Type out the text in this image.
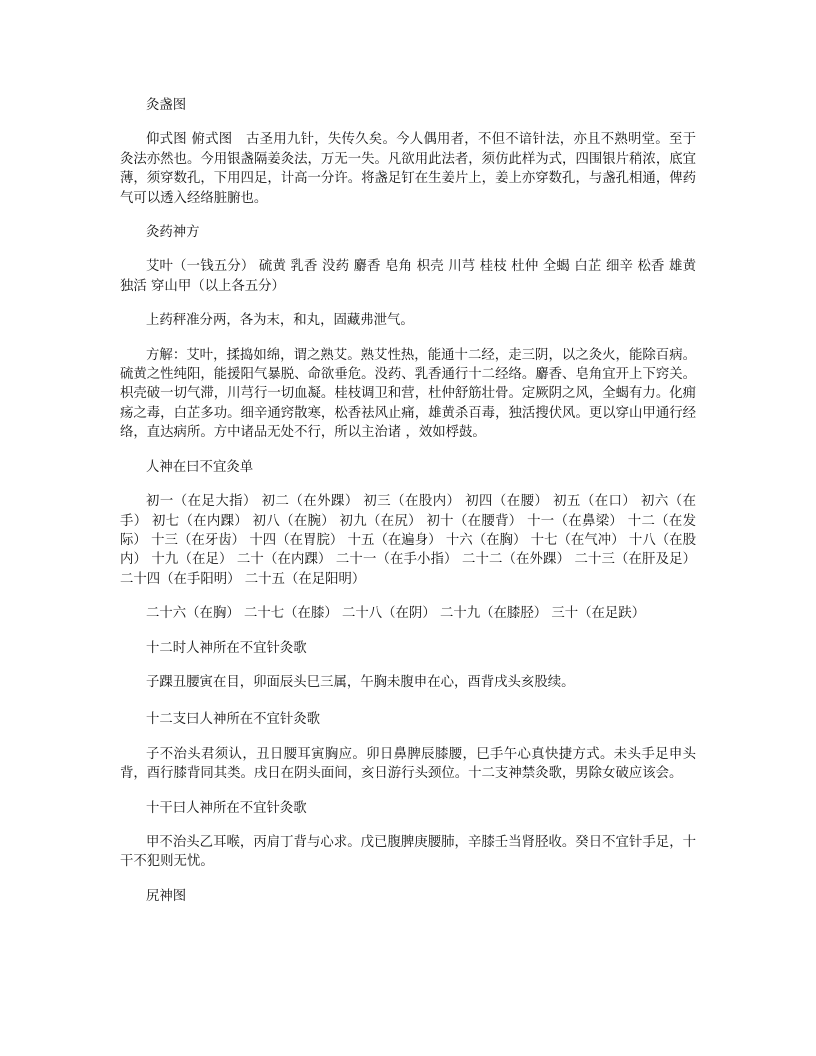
灸盏图

仰式图 俯式图　古圣用九针，失传久矣。今人偶用者，不但不谙针法，亦且不熟明堂。至于灸法亦然也。今用银盏隔姜灸法，万无一失。凡欲用此法者，须仿此样为式，四围银片稍浓，底宜薄，须穿数孔，下用四足，计高一分许。将盏足钉在生姜片上，姜上亦穿数孔，与盏孔相通，俾药气可以透入经络脏腑也。

灸药神方

艾叶（一钱五分） 硫黄 乳香 没药 麝香 皂角 枳壳 川芎 桂枝 杜仲 全蝎 白芷 细辛 松香 雄黄独活 穿山甲（以上各五分）

上药秤准分两，各为末，和丸，固藏弗泄气。

方解：艾叶，揉捣如绵，谓之熟艾。熟艾性热，能通十二经，走三阴，以之灸火，能除百病。硫黄之性纯阳，能援阳气暴脱、命欲垂危。没药、乳香通行十二经络。麝香、皂角宜开上下窍关。枳壳破一切气滞，川芎行一切血凝。桂枝调卫和营，杜仲舒筋壮骨。定厥阴之风，全蝎有力。化痈疡之毒，白芷多功。细辛通窍散寒，松香祛风止痛，雄黄杀百毒，独活搜伏风。更以穿山甲通行经络，直达病所。方中诸品无处不行，所以主治诸 ，效如桴鼓。

人神在曰不宜灸单

初一（在足大指） 初二（在外踝） 初三（在股内） 初四（在腰） 初五（在口） 初六（在手） 初七（在内踝） 初八（在腕） 初九（在尻） 初十（在腰背） 十一（在鼻梁） 十二（在发际） 十三（在牙齿） 十四（在胃脘） 十五（在遍身） 十六（在胸） 十七（在气冲） 十八（在股内） 十九（在足） 二十（在内踝） 二十一（在手小指） 二十二（在外踝） 二十三（在肝及足） 二十四（在手阳明） 二十五（在足阳明）

二十六（在胸） 二十七（在膝） 二十八（在阴） 二十九（在膝胫） 三十（在足趺）

十二时人神所在不宜针灸歌

子踝丑腰寅在目，卯面辰头巳三属，午胸未腹申在心，酉背戌头亥股续。

十二支曰人神所在不宜针灸歌

子不治头君须认，丑日腰耳寅胸应。卯日鼻脾辰膝腰，巳手午心真快捷方式。未头手足申头背，酉行膝背同其类。戌日在阴头面间，亥日游行头颈位。十二支神禁灸歌，男除女破应该会。

十干曰人神所在不宜针灸歌

甲不治头乙耳喉，丙肩丁背与心求。戊已腹脾庚腰肺，辛膝壬当肾胫收。癸日不宜针手足，十干不犯则无忧。

尻神图
